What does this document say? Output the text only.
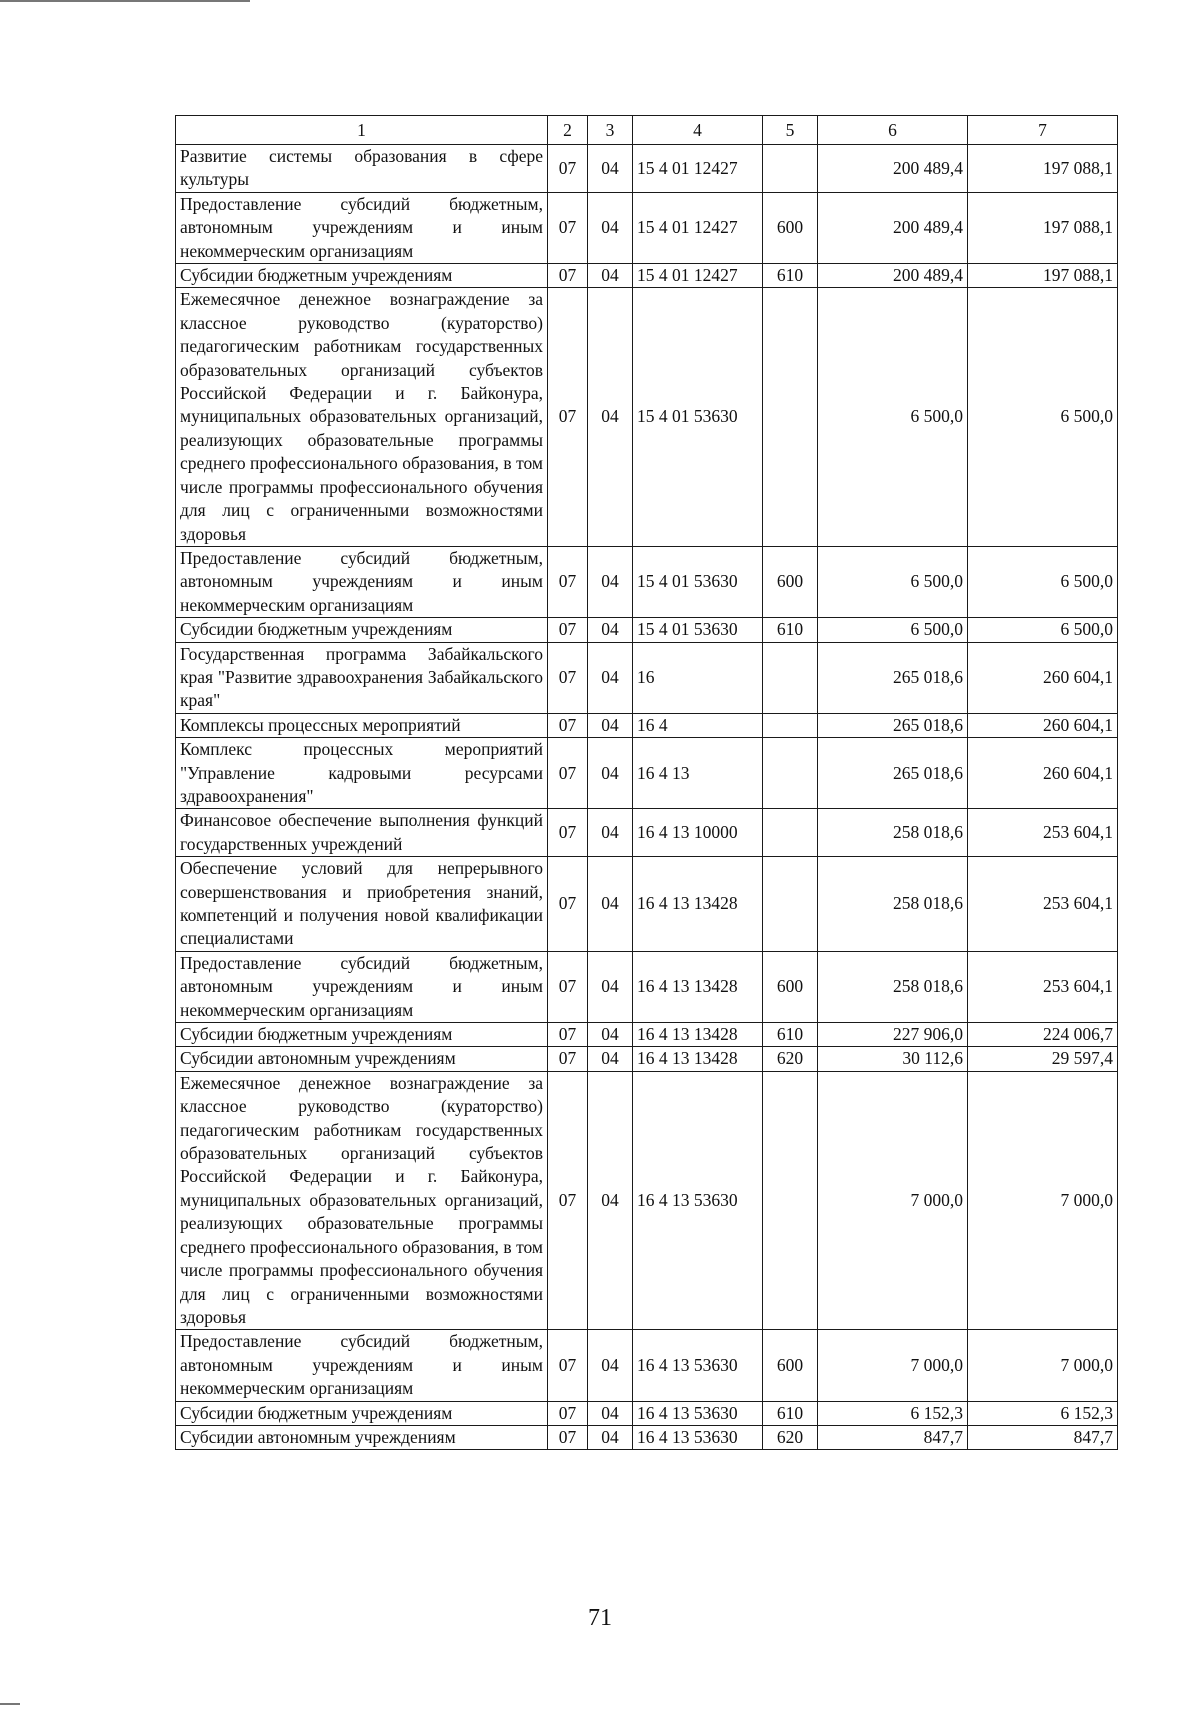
1	2	3	4	5	6	7
Развитие системы образования в сфере культуры	07	04	15 4 01 12427		200 489,4	197 088,1
Предоставление субсидий бюджетным, автономным учреждениям и иным некоммерческим организациям	07	04	15 4 01 12427	600	200 489,4	197 088,1
Субсидии бюджетным учреждениям	07	04	15 4 01 12427	610	200 489,4	197 088,1
Ежемесячное денежное вознаграждение за классное руководство (кураторство) педагогическим работникам государственных образовательных организаций субъектов Российской Федерации и г. Байконура, муниципальных образовательных организаций, реализующих образовательные программы среднего профессионального образования, в том числе программы профессионального обучения для лиц с ограниченными возможностями здоровья	07	04	15 4 01 53630		6 500,0	6 500,0
Предоставление субсидий бюджетным, автономным учреждениям и иным некоммерческим организациям	07	04	15 4 01 53630	600	6 500,0	6 500,0
Субсидии бюджетным учреждениям	07	04	15 4 01 53630	610	6 500,0	6 500,0
Государственная программа Забайкальского края "Развитие здравоохранения Забайкальского края"	07	04	16		265 018,6	260 604,1
Комплексы процессных мероприятий	07	04	16 4		265 018,6	260 604,1
Комплекс процессных мероприятий "Управление кадровыми ресурсами здравоохранения"	07	04	16 4 13		265 018,6	260 604,1
Финансовое обеспечение выполнения функций государственных учреждений	07	04	16 4 13 10000		258 018,6	253 604,1
Обеспечение условий для непрерывного совершенствования и приобретения знаний, компетенций и получения новой квалификации специалистами	07	04	16 4 13 13428		258 018,6	253 604,1
Предоставление субсидий бюджетным, автономным учреждениям и иным некоммерческим организациям	07	04	16 4 13 13428	600	258 018,6	253 604,1
Субсидии бюджетным учреждениям	07	04	16 4 13 13428	610	227 906,0	224 006,7
Субсидии автономным учреждениям	07	04	16 4 13 13428	620	30 112,6	29 597,4
Ежемесячное денежное вознаграждение за классное руководство (кураторство) педагогическим работникам государственных образовательных организаций субъектов Российской Федерации и г. Байконура, муниципальных образовательных организаций, реализующих образовательные программы среднего профессионального образования, в том числе программы профессионального обучения для лиц с ограниченными возможностями здоровья	07	04	16 4 13 53630		7 000,0	7 000,0
Предоставление субсидий бюджетным, автономным учреждениям и иным некоммерческим организациям	07	04	16 4 13 53630	600	7 000,0	7 000,0
Субсидии бюджетным учреждениям	07	04	16 4 13 53630	610	6 152,3	6 152,3
Субсидии автономным учреждениям	07	04	16 4 13 53630	620	847,7	847,7
71
